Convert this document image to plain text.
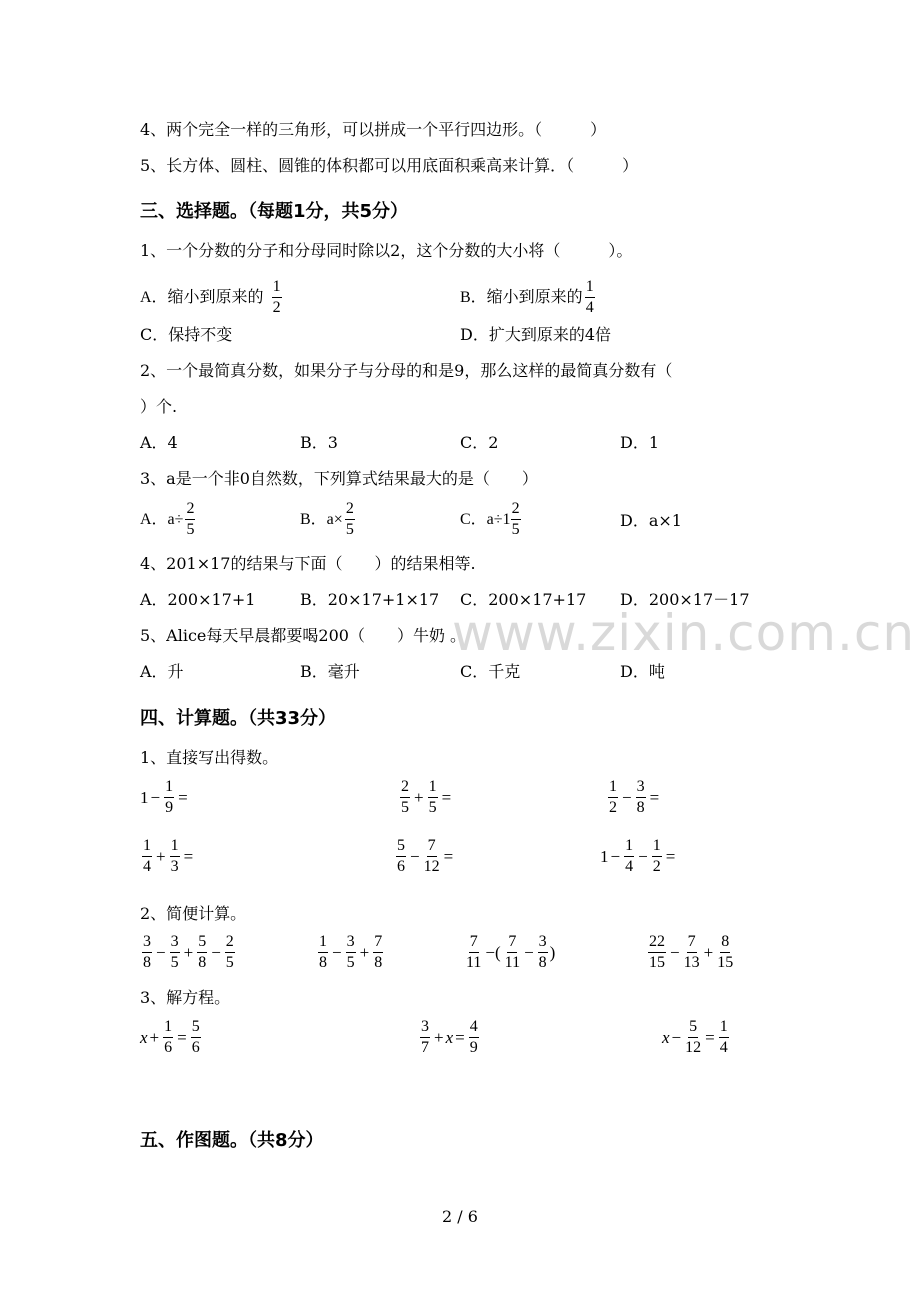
www.zixin.com.cn
4、两个完全一样的三角形，可以拼成一个平行四边形。（　　　）
5、长方体、圆柱、圆锥的体积都可以用底面积乘高来计算．（　　　）
三、选择题。（每题1分，共5分）
1、一个分数的分子和分母同时除以2，这个分数的大小将（　　　）。
A．缩小到原来的 $\frac{1}{2}$	B．缩小到原来的 $\frac{1}{4}$
C．保持不变	D．扩大到原来的4倍
2、一个最简真分数，如果分子与分母的和是9，那么这样的最简真分数有（
）个.
A．4	B．3	C．2	D．1
3、a是一个非0自然数，下列算式结果最大的是（　　）
A．$a\div \frac{2}{5}$	B．$a\times \frac{2}{5}$	C．$a\div 1 \frac{2}{5}$	D．a×1
4、201×17的结果与下面（　　）的结果相等.
A．200×17+1	B．20×17+1×17 C．200×17+17 D．200×17－17
5、Alice每天早晨都要喝200（　　）牛奶 。
A．升	B．毫升	C．千克	D．吨
四、计算题。（共33分）
1、直接写出得数。
$1 - \frac{1}{9}$ =	$\frac{2}{5} + \frac{1}{5}$ =	$\frac{1}{2} - \frac{3}{8}$ =
$\frac{1}{4} + \frac{1}{3}$ =	$\frac{5}{6} - \frac{7}{12}$ =	$1 - \frac{1}{4} - \frac{1}{2}$ =
2、简便计算。
$\frac{3}{8} - \frac{3}{5} + \frac{5}{8} - \frac{2}{5}$	$\frac{1}{8} - \frac{3}{5} + \frac{7}{8}$	$\frac{7}{11}$ −( $\frac{7}{11} - \frac{3}{8}$ )	$\frac{22}{15} - \frac{7}{13} + \frac{8}{15}$
3、解方程。
$x + \frac{1}{6} = \frac{5}{6}$	$\frac{3}{7} + x = \frac{4}{9}$	$x - \frac{5}{12} = \frac{1}{4}$
五、作图题。（共8分）
2 / 6
